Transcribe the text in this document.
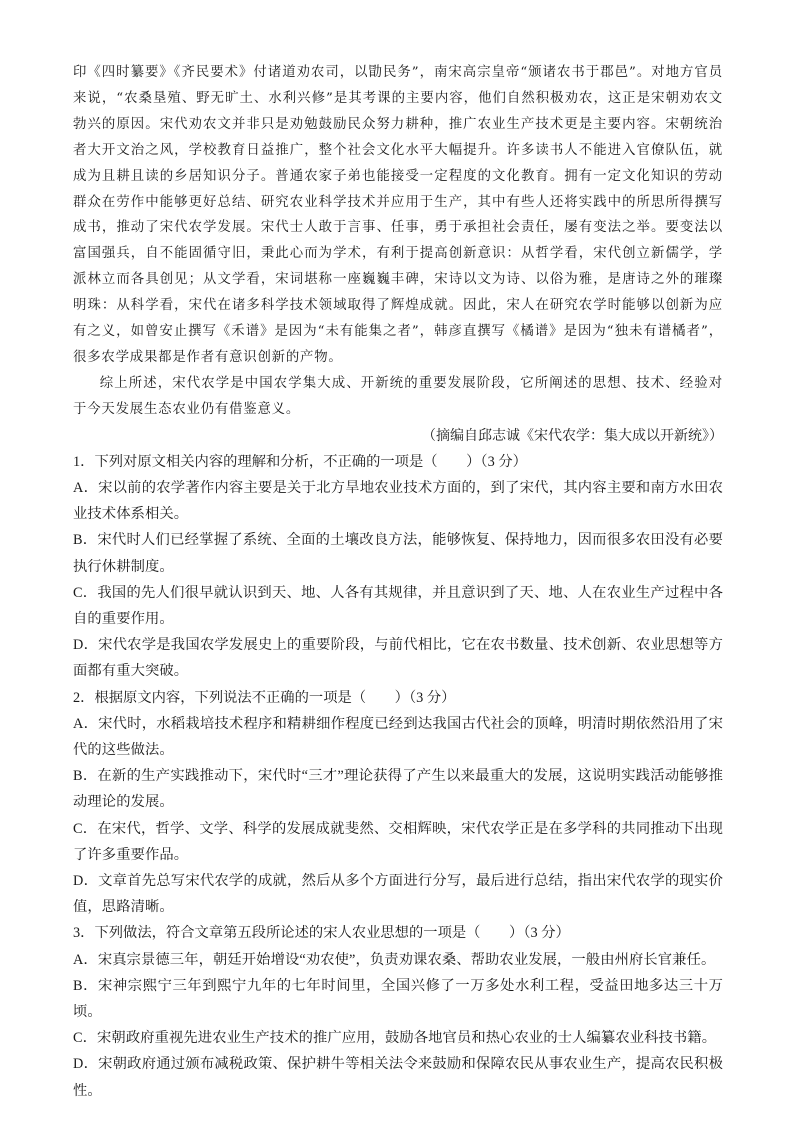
印《四时纂要》《齐民要术》付诸道劝农司，以勖民务”，南宋高宗皇帝“颁诸农书于郡邑”。对地方官员来说，“农桑垦殖、野无旷土、水利兴修”是其考课的主要内容，他们自然积极劝农，这正是宋朝劝农文勃兴的原因。宋代劝农文并非只是劝勉鼓励民众努力耕种，推广农业生产技术更是主要内容。宋朝统治者大开文治之风，学校教育日益推广，整个社会文化水平大幅提升。许多读书人不能进入官僚队伍，就成为且耕且读的乡居知识分子。普通农家子弟也能接受一定程度的文化教育。拥有一定文化知识的劳动群众在劳作中能够更好总结、研究农业科学技术并应用于生产，其中有些人还将实践中的所思所得撰写成书，推动了宋代农学发展。宋代士人敢于言事、任事，勇于承担社会责任，屡有变法之举。要变法以富国强兵，自不能固循守旧，秉此心而为学术，有利于提高创新意识：从哲学看，宋代创立新儒学，学派林立而各具创见；从文学看，宋词堪称一座巍巍丰碑，宋诗以文为诗、以俗为雅，是唐诗之外的璀璨明珠：从科学看，宋代在诸多科学技术领域取得了辉煌成就。因此，宋人在研究农学时能够以创新为应有之义，如曾安止撰写《禾谱》是因为“未有能集之者”，韩彦直撰写《橘谱》是因为“独未有谱橘者”，很多农学成果都是作者有意识创新的产物。

综上所述，宋代农学是中国农学集大成、开新统的重要发展阶段，它所阐述的思想、技术、经验对于今天发展生态农业仍有借鉴意义。

（摘编自邱志诚《宋代农学：集大成以开新统》）

1．下列对原文相关内容的理解和分析，不正确的一项是（　　）（3 分）

A．宋以前的农学著作内容主要是关于北方旱地农业技术方面的，到了宋代，其内容主要和南方水田农业技术体系相关。

B．宋代时人们已经掌握了系统、全面的土壤改良方法，能够恢复、保持地力，因而很多农田没有必要执行休耕制度。

C．我国的先人们很早就认识到天、地、人各有其规律，并且意识到了天、地、人在农业生产过程中各自的重要作用。

D．宋代农学是我国农学发展史上的重要阶段，与前代相比，它在农书数量、技术创新、农业思想等方面都有重大突破。

2．根据原文内容，下列说法不正确的一项是（　　）（3 分）

A．宋代时，水稻栽培技术程序和精耕细作程度已经到达我国古代社会的顶峰，明清时期依然沿用了宋代的这些做法。

B．在新的生产实践推动下，宋代时“三才”理论获得了产生以来最重大的发展，这说明实践活动能够推动理论的发展。

C．在宋代，哲学、文学、科学的发展成就斐然、交相辉映，宋代农学正是在多学科的共同推动下出现了许多重要作品。

D．文章首先总写宋代农学的成就，然后从多个方面进行分写，最后进行总结，指出宋代农学的现实价值，思路清晰。

3．下列做法，符合文章第五段所论述的宋人农业思想的一项是（　　）（3 分）

A．宋真宗景德三年，朝廷开始增设“劝农使”，负责劝课农桑、帮助农业发展，一般由州府长官兼任。

B．宋神宗熙宁三年到熙宁九年的七年时间里，全国兴修了一万多处水利工程，受益田地多达三十万顷。

C．宋朝政府重视先进农业生产技术的推广应用，鼓励各地官员和热心农业的士人编纂农业科技书籍。

D．宋朝政府通过颁布减税政策、保护耕牛等相关法令来鼓励和保障农民从事农业生产，提高农民积极性。
